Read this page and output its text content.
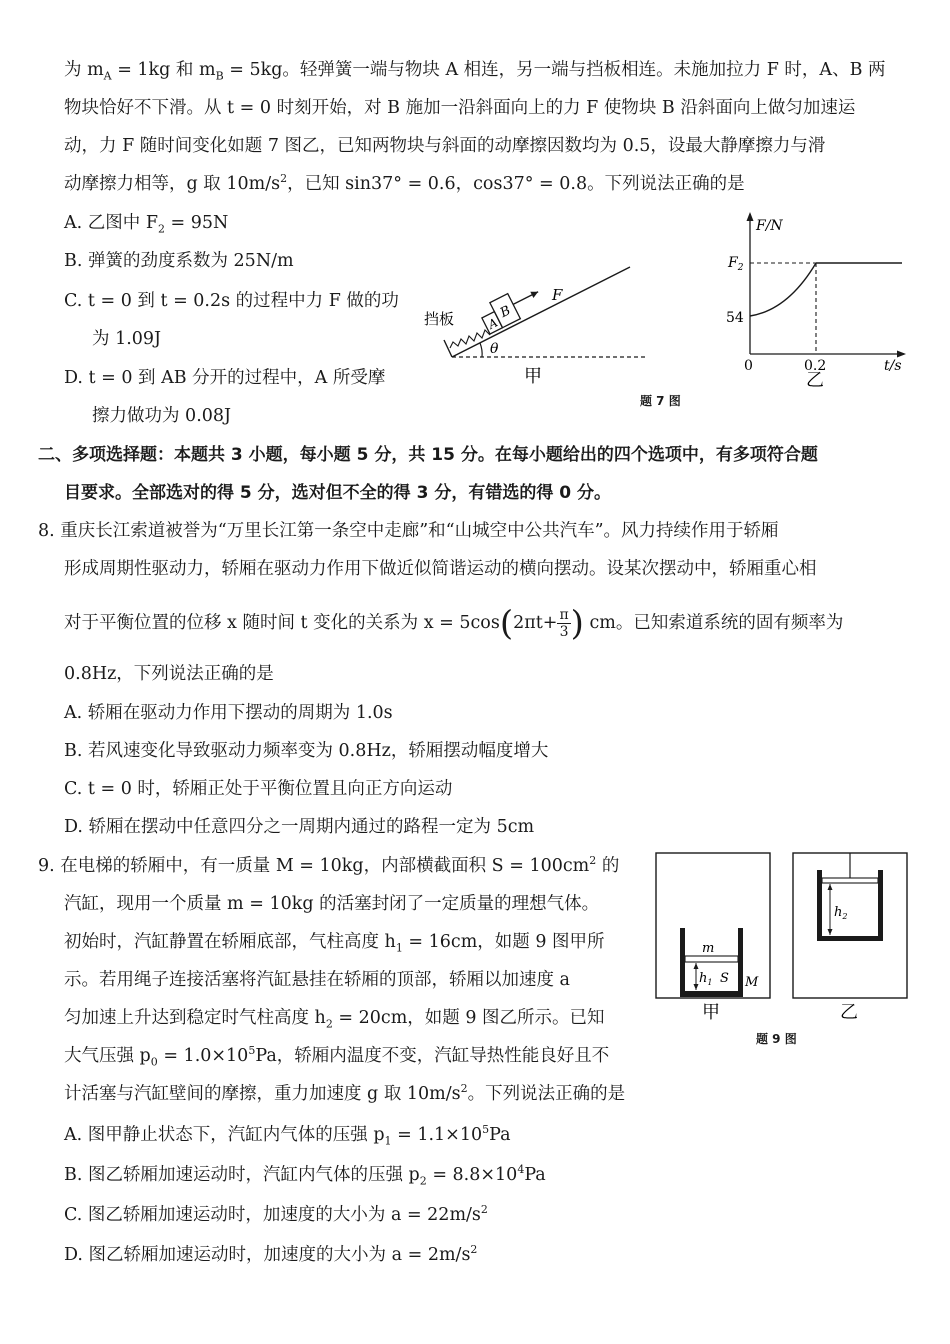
为 $m_A = 1kg$ 和 $m_B = 5kg$。轻弹簧一端与物块 A 相连，另一端与挡板相连。未施加拉力 F 时，A、B 两
物块恰好不下滑。从 t = 0 时刻开始，对 B 施加一沿斜面向上的力 F 使物块 B 沿斜面向上做匀加速运
动，力 F 随时间变化如题 7 图乙，已知两物块与斜面的动摩擦因数均为 0.5，设最大静摩擦力与滑
动摩擦力相等，g 取 $10m/s^2$，已知 sin37° = 0.6，cos37° = 0.8。下列说法正确的是
A. 乙图中 $F_2 = 95N$
B. 弹簧的劲度系数为 25N/m
C. t = 0 到 t = 0.2s 的过程中力 F 做的功
为 1.09J
D. t = 0 到 AB 分开的过程中，A 所受摩
擦力做功为 0.08J
θ
挡板	A
B
F
甲
F/N
$F_2$
54
0	0.2	t/s
乙
题 7 图
二、多项选择题：本题共 3 小题，每小题 5 分，共 15 分。在每小题给出的四个选项中，有多项符合题
目要求。全部选对的得 5 分，选对但不全的得 3 分，有错选的得 0 分。
8. 重庆长江索道被誉为“万里长江第一条空中走廊”和“山城空中公共汽车”。风力持续作用于轿厢
形成周期性驱动力，轿厢在驱动力作用下做近似简谐运动的横向摆动。设某次摆动中，轿厢重心相
对于平衡位置的位移 x 随时间 t 变化的关系为 $x = 5\cos(2\pi t+ \frac{\pi}{3}$ ) cm。已知索道系统的固有频率为
0.8Hz，下列说法正确的是
A. 轿厢在驱动力作用下摆动的周期为 1.0s
B. 若风速变化导致驱动力频率变为 0.8Hz，轿厢摆动幅度增大
C. t = 0 时，轿厢正处于平衡位置且向正方向运动
D. 轿厢在摆动中任意四分之一周期内通过的路程一定为 5cm
9. 在电梯的轿厢中，有一质量 M = 10kg，内部横截面积 $S = 100cm^2$ 的
汽缸，现用一个质量 m = 10kg 的活塞封闭了一定质量的理想气体。
初始时，汽缸静置在轿厢底部，气柱高度 $h_1 = 16cm$，如题 9 图甲所
示。若用绳子连接活塞将汽缸悬挂在轿厢的顶部，轿厢以加速度 a
匀加速上升达到稳定时气柱高度 $h_2 = 20cm$，如题 9 图乙所示。已知
大气压强 $p_0 = 1.0\times 10^5Pa$，轿厢内温度不变，汽缸导热性能良好且不
计活塞与汽缸壁间的摩擦，重力加速度 g 取 $10m/s^2$。下列说法正确的是
A. 图甲静止状态下，汽缸内气体的压强 $p_1 = 1.1\times 10^5Pa$
B. 图乙轿厢加速运动时，汽缸内气体的压强 $p_2 = 8.8\times 10^4Pa$
C. 图乙轿厢加速运动时，加速度的大小为 $a = 22m/s^2$
D. 图乙轿厢加速运动时，加速度的大小为 $a = 2m/s^2$
m
$h_1$ S M
甲
$h_2$
乙
题 9 图
